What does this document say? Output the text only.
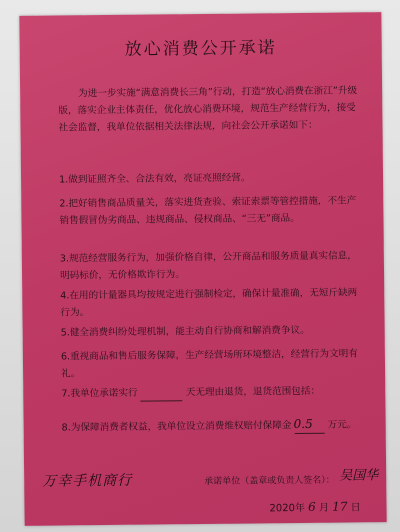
放心消费公开承诺
为进一步实施“满意消费长三角”行动，打造“放心消费在浙江”升级版，落实企业主体责任，优化放心消费环境，规范生产经营行为，接受社会监督，我单位依据相关法律法规，向社会公开承诺如下：
1.做到证照齐全、合法有效，亮证亮照经营。
2.把好销售商品质量关，落实进货查验、索证索票等管控措施，不生产销售假冒伪劣商品、违规商品、侵权商品、“三无”商品。
3.规范经营服务行为，加强价格自律，公开商品和服务质量真实信息，明码标价，无价格欺诈行为。
4.在用的计量器具均按规定进行强制检定，确保计量准确，无短斤缺两行为。
5.健全消费纠纷处理机制，能主动自行协商和解消费争议。
6.重视商品和售后服务保障，生产经营场所环境整洁，经营行为文明有礼。
7.我单位承诺实行	天无理由退货，退货范围包括：
8.为保障消费者权益，我单位设立消费维权赔付保障金	万元。
0.5
万幸手机商行	承诺单位（盖章或负责人签名）： 吴国华
2020年 6 月 17 日
